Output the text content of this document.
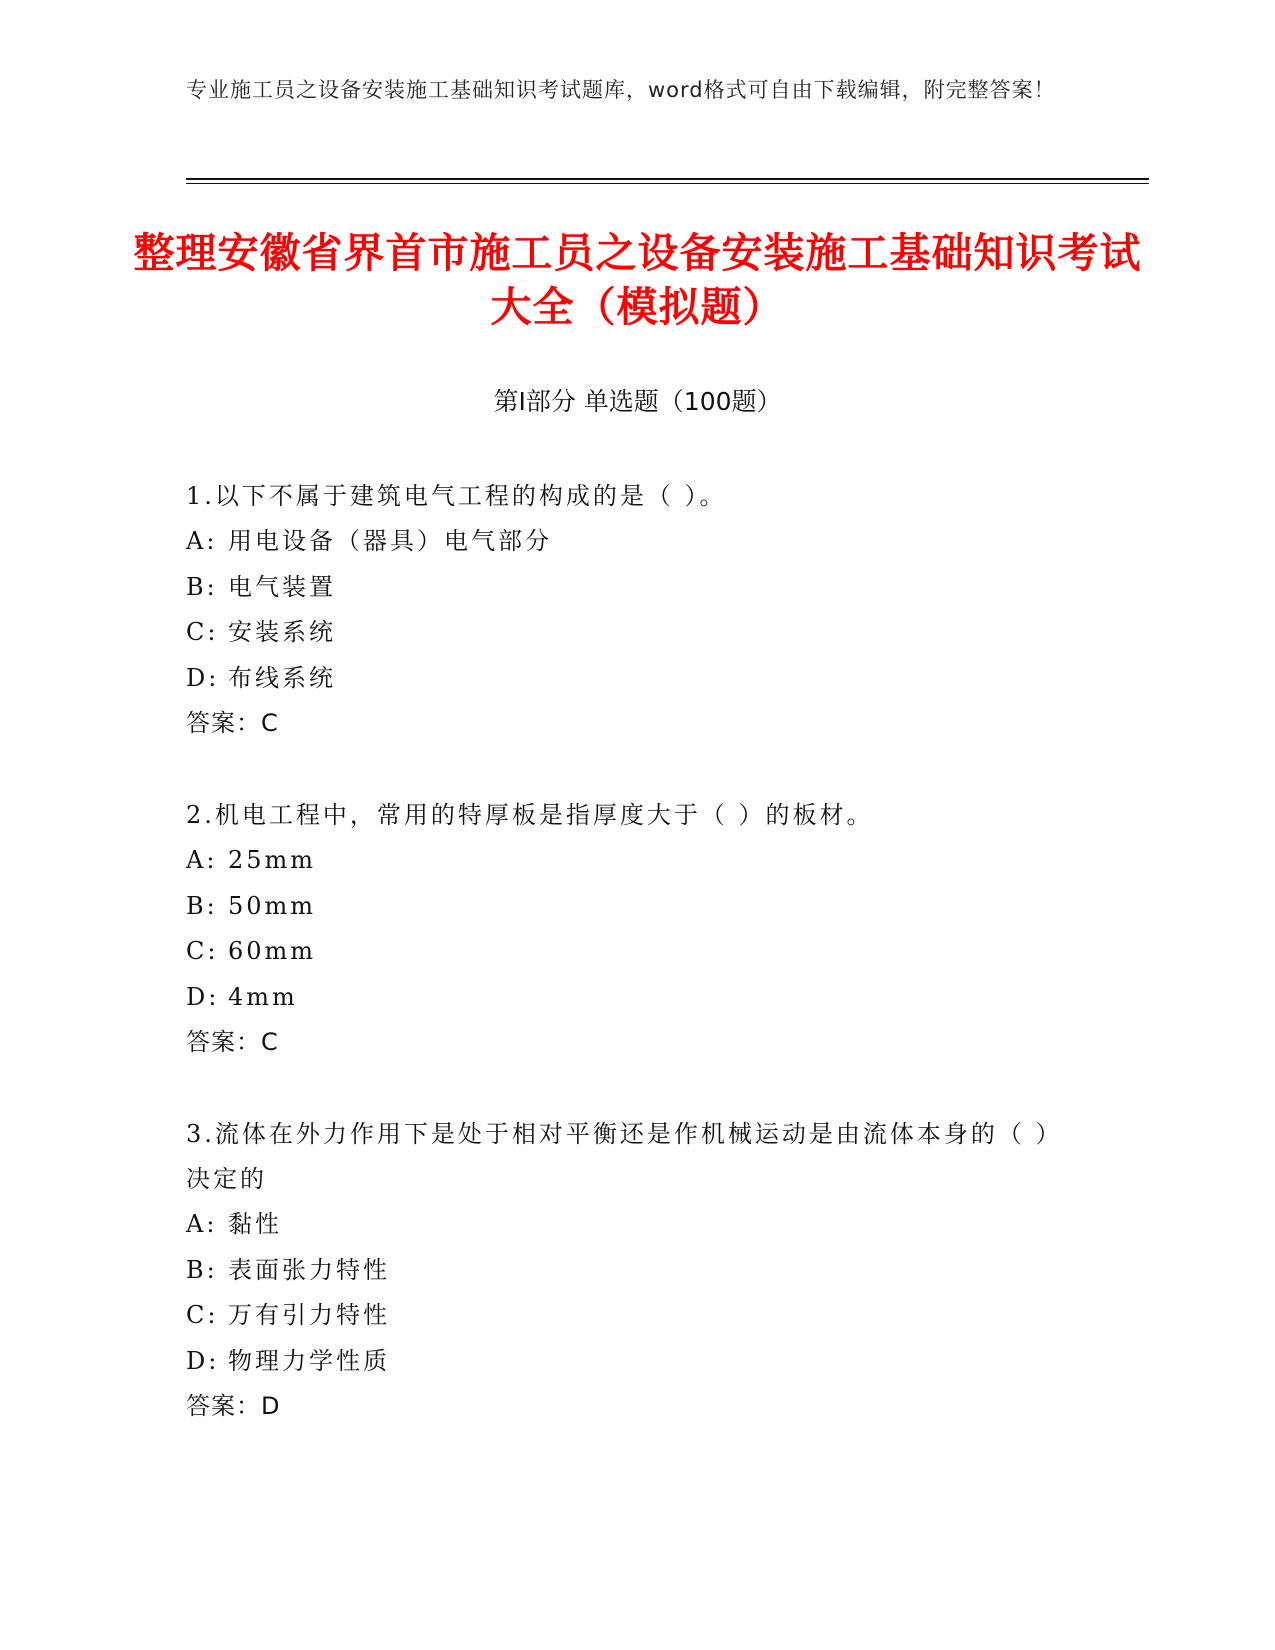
专业施工员之设备安装施工基础知识考试题库，word格式可自由下载编辑，附完整答案！
整理安徽省界首市施工员之设备安装施工基础知识考试大全（模拟题）
第Ⅰ部分 单选题（100题）

1.以下不属于建筑电气工程的构成的是（ ）。

A: 用电设备（器具）电气部分

B: 电气装置

C: 安装系统

D: 布线系统

答案：C

2.机电工程中，常用的特厚板是指厚度大于（ ）的板材。

A: 25mm

B: 50mm

C: 60mm

D: 4mm

答案：C

3.流体在外力作用下是处于相对平衡还是作机械运动是由流体本身的（ ）决定的

A: 黏性

B: 表面张力特性

C: 万有引力特性

D: 物理力学性质

答案：D
